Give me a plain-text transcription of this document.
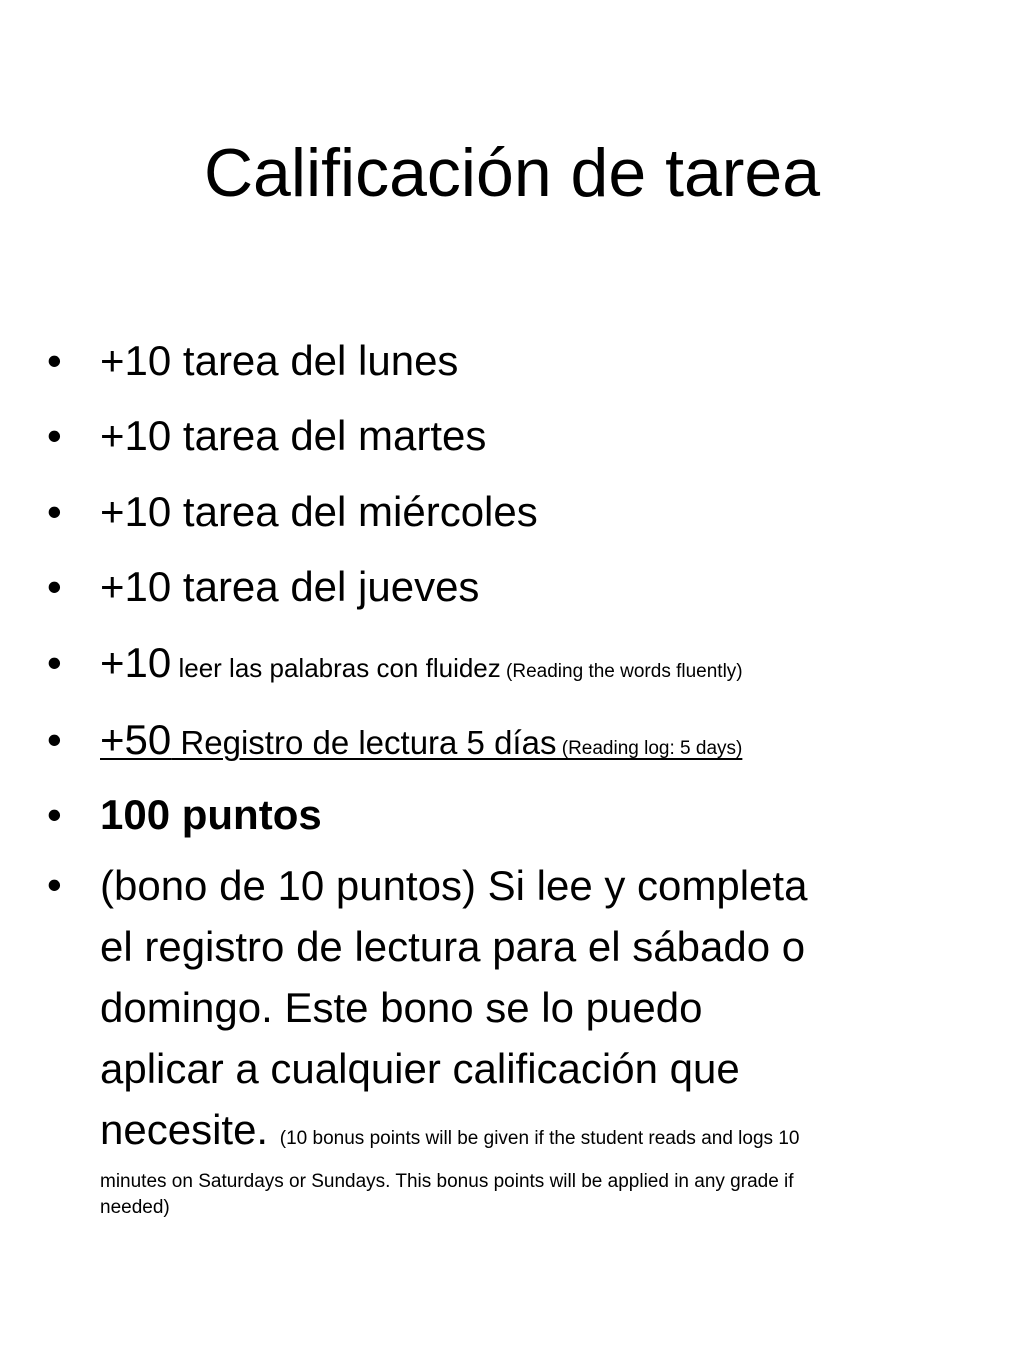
Calificación de tarea
• +10 tarea del lunes
• +10 tarea del martes
• +10 tarea del miércoles
• +10 tarea del jueves
• +10 leer las palabras con fluidez (Reading the words fluently)
• +50 Registro de lectura 5 días (Reading log: 5 days)
• 100 puntos
• (bono de 10 puntos) Si lee y completa
el registro de lectura para el sábado o
domingo. Este bono se lo puedo
aplicar a cualquier calificación que
necesite. (10 bonus points will be given if the student reads and logs 10
minutes on Saturdays or Sundays. This bonus points will be applied in any grade if
needed)
